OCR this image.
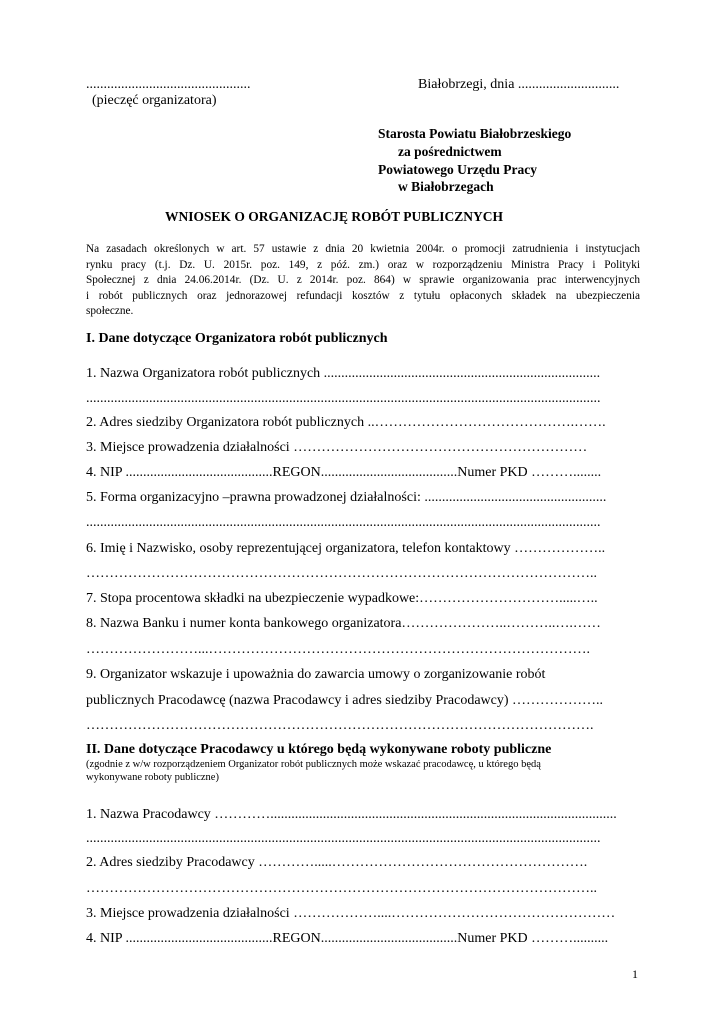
...............................................

(pieczęć organizatora)

Białobrzegi, dnia .............................

Starosta Powiatu Białobrzeskiego

za pośrednictwem

Powiatowego Urzędu Pracy

w Białobrzegach

WNIOSEK O ORGANIZACJĘ ROBÓT PUBLICZNYCH

Na zasadach określonych w art. 57 ustawie z dnia 20 kwietnia 2004r. o promocji zatrudnienia i instytucjach
rynku pracy (t.j. Dz. U. 2015r. poz. 149, z póź. zm.) oraz w rozporządzeniu Ministra Pracy i Polityki
Społecznej z dnia 24.06.2014r. (Dz. U. z 2014r. poz. 864) w sprawie organizowania prac interwencyjnych
i robót publicznych oraz jednorazowej refundacji kosztów z tytułu opłaconych składek na ubezpieczenia
społeczne.

I. Dane dotyczące Organizatora robót publicznych

1. Nazwa Organizatora robót publicznych ...............................................................................

...................................................................................................................................................

2. Adres siedziby Organizatora robót publicznych ..…………………………………….…….

3. Miejsce prowadzenia działalności ………………………………………………………

4. NIP ..........................................REGON.......................................Numer PKD ………........

5. Forma organizacyjno –prawna prowadzonej działalności: ....................................................

...................................................................................................................................................

6. Imię i Nazwisko, osoby reprezentującej organizatora, telefon kontaktowy ………………..

………………………………………………………………………………………………..

7. Stopa procentowa składki na ubezpieczenie wypadkowe:………………………….....…..

8. Nazwa Banku i numer konta bankowego organizatora…………………..………..….……

……………………...……………………………………………………………………….

9. Organizator wskazuje i upoważnia do zawarcia umowy o zorganizowanie robót

publicznych Pracodawcę (nazwa Pracodawcy i adres siedziby Pracodawcy) ………………..

……………………………………………………………………………………………….

II. Dane dotyczące Pracodawcy u którego będą wykonywane roboty publiczne

(zgodnie z w/w rozporządzeniem Organizator robót publicznych może wskazać pracodawcę, u którego będą

wykonywane roboty publiczne)

1. Nazwa Pracodawcy …………...................................................................................................

...................................................................................................................................................

2. Adres siedziby Pracodawcy ………….....……………………………………………….

………………………………………………………………………………………………..

3. Miejsce prowadzenia działalności ………………....…………………………………………

4. NIP ..........................................REGON.......................................Numer PKD ………..........

1
